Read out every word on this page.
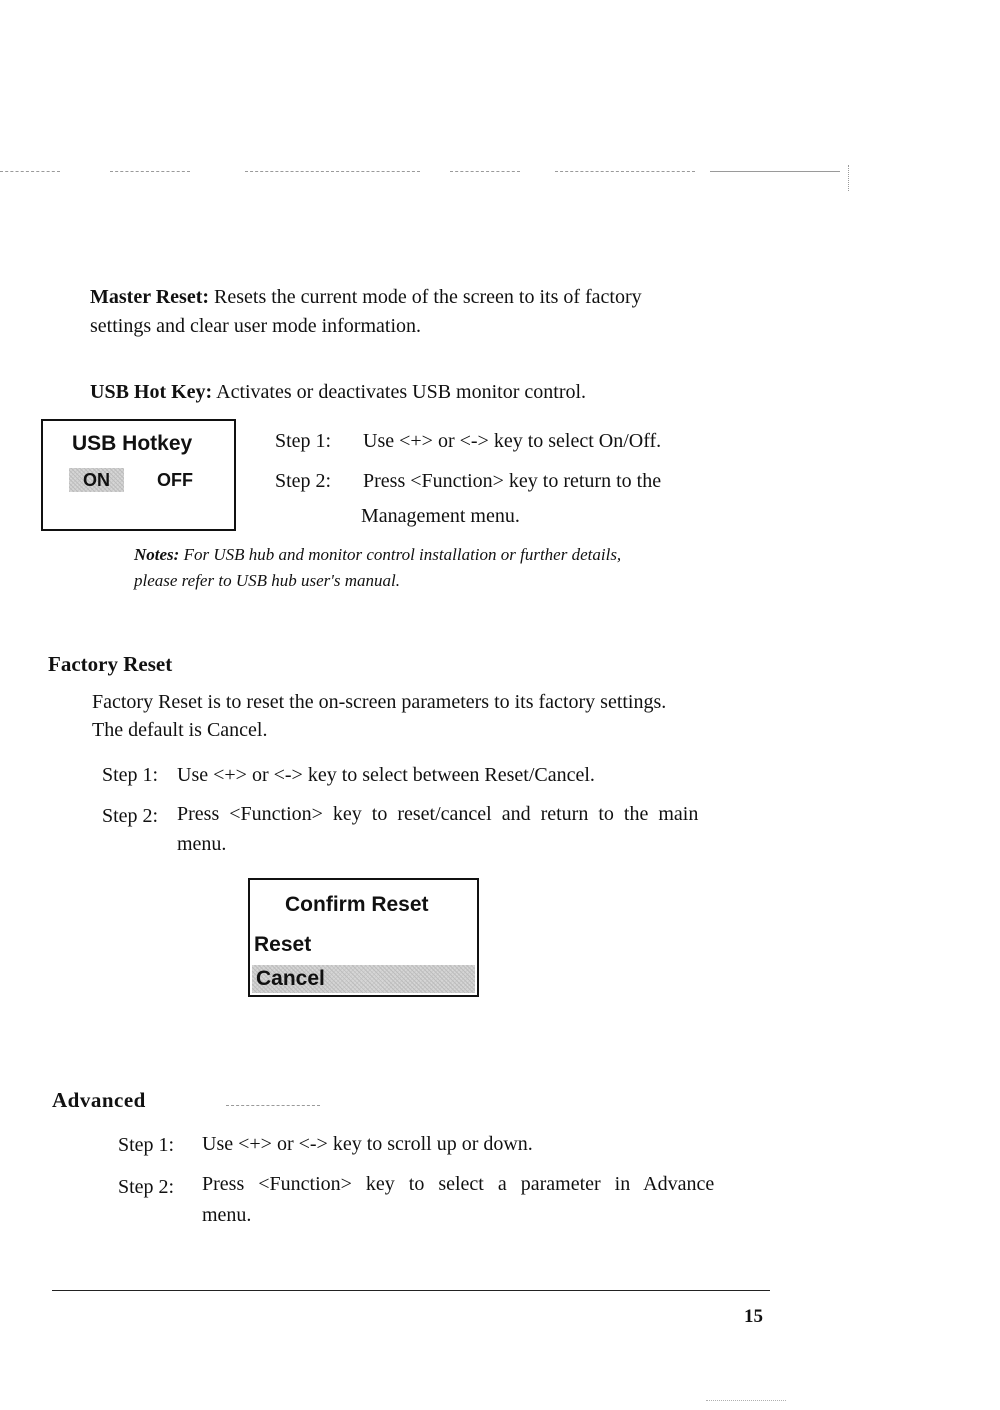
Master Reset: Resets the current mode of the screen to its of factory
settings and clear user mode information.
USB Hot Key: Activates or deactivates USB monitor control.
USB Hotkey
ON	OFF
Step 1: Use <+> or <-> key to select On/Off.
Step 2: Press <Function> key to return to the
Management menu.
Notes: For USB hub and monitor control installation or further details,
please refer to USB hub user's manual.
Factory Reset
Factory Reset is to reset the on-screen parameters to its factory settings.
The default is Cancel.
Step 1: Use <+> or <-> key to select between Reset/Cancel.
Step 2: Press <Function> key to reset/cancel and return to the main
menu.
Confirm Reset
Reset
Cancel
Advanced
Step 1: Use <+> or <-> key to scroll up or down.
Step 2: Press <Function> key to select a parameter in Advance
menu.
15
